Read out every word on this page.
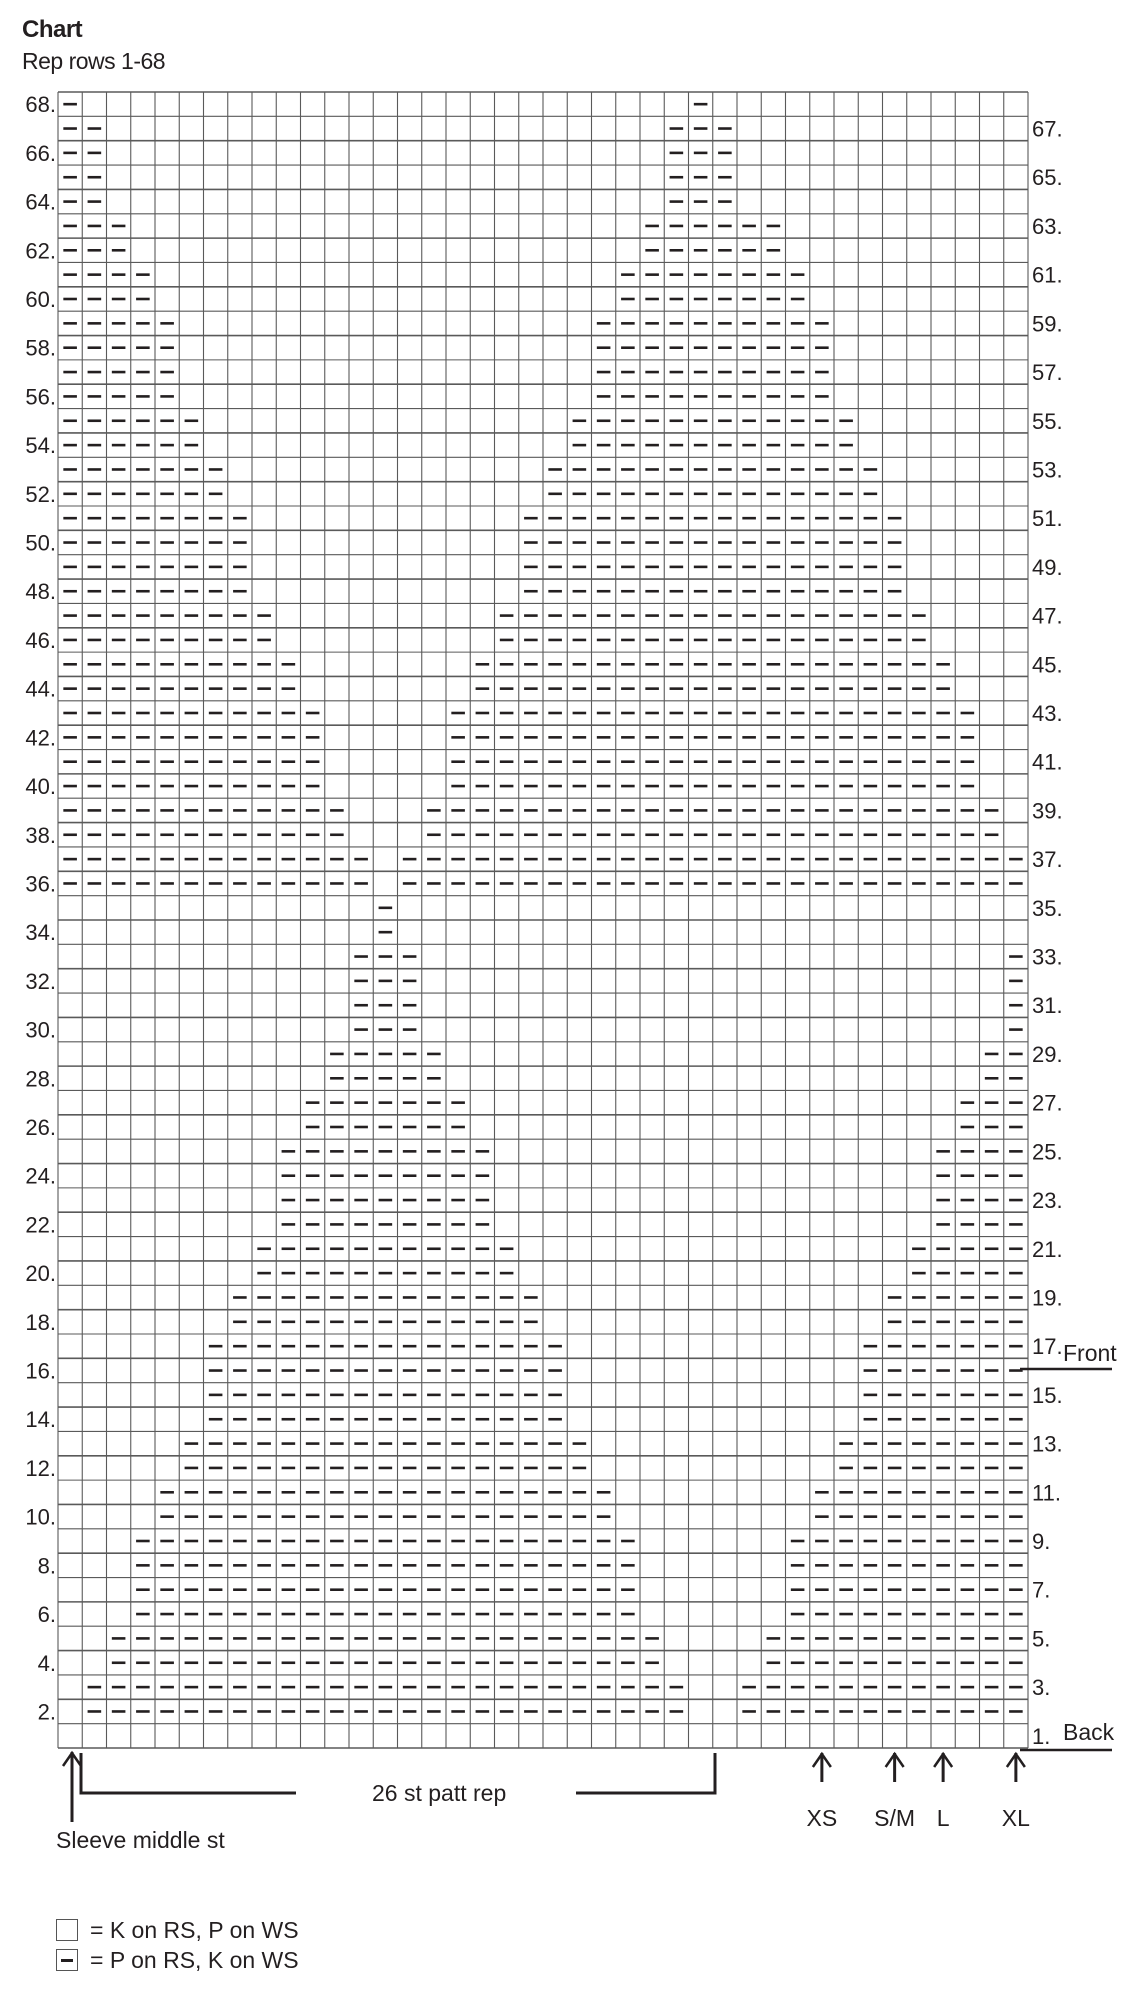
Chart
Rep rows 1-68
68.
66.
64.
62.
60.
58.
56.
54.
52.
50.
48.
46.
44.
42.
40.
38.
36.
34.
32.
30.
28.
26.
24.
22.
20.
18.
16.
14.
12.
10.
8.
6.
4.
2.
67.
65.
63.
61.
59.
57.
55.
53.
51.
49.
47.
45.
43.
41.
39.
37.
35.
33.
31.
29.
27.
25.
23.
21.
19.
17.
15.
13.
11.
9.
7.
5.
3.
1.
Front
Back
Sleeve middle st
26 st patt rep
XS S/M L XL
= K on RS, P on WS
= P on RS, K on WS
